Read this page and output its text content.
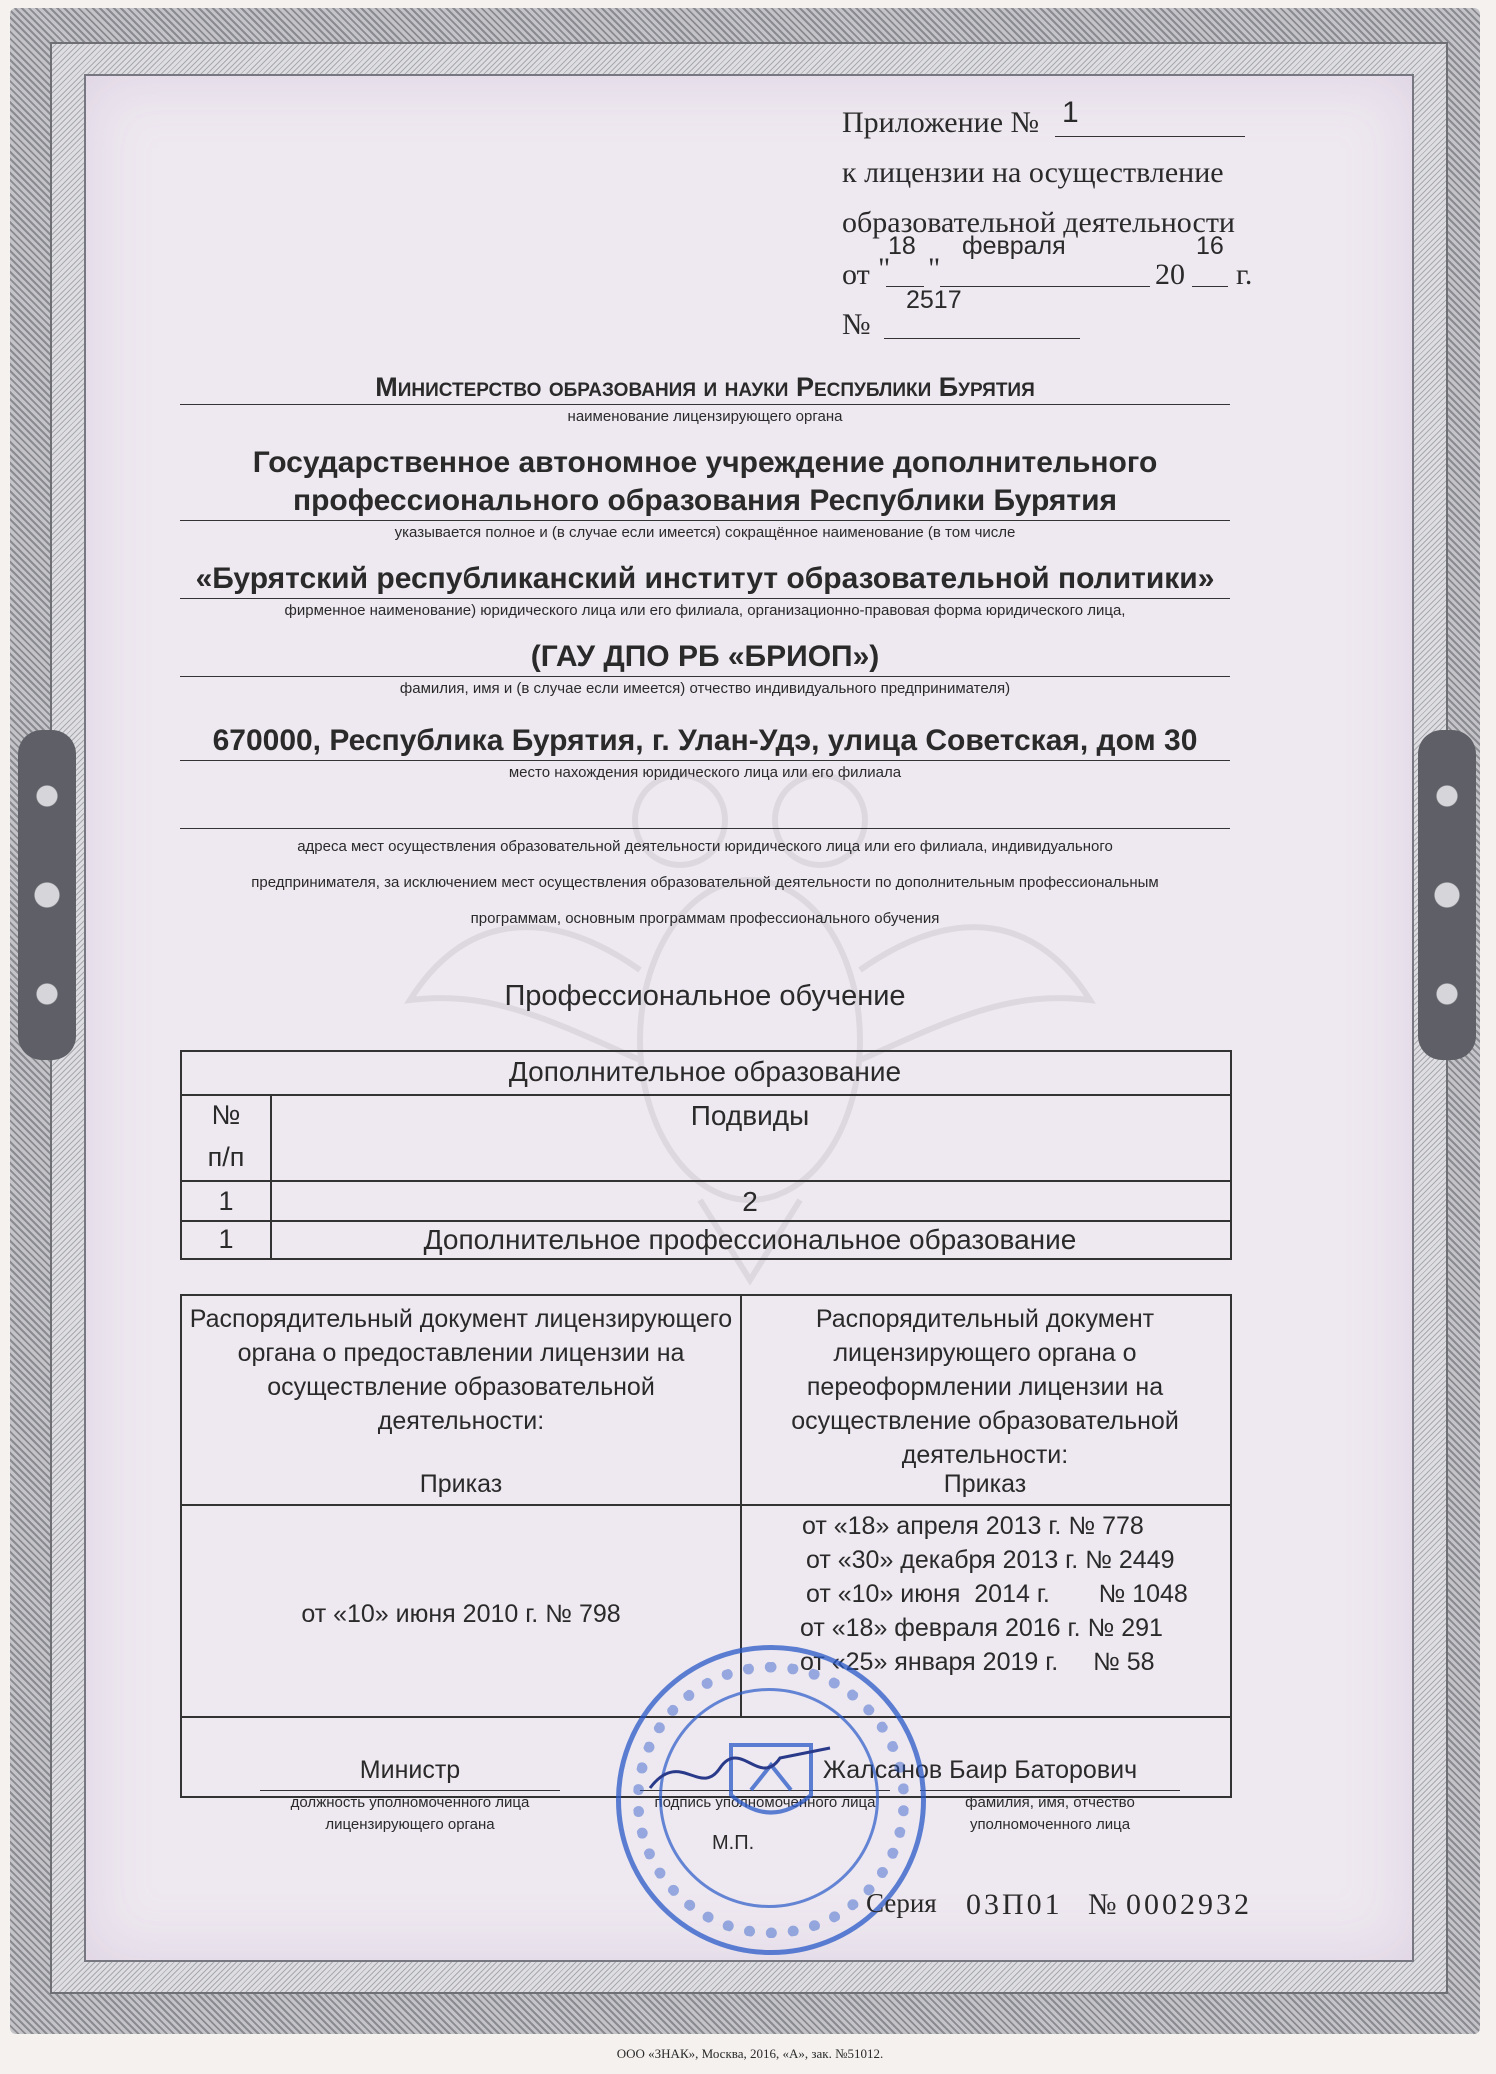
Приложение № 1
к лицензии на осуществление
образовательной деятельности
от "
18
"
февраля
20
16
г.
№
2517
Министерство образования и науки Республики Бурятия
наименование лицензирующего органа
Государственное автономное учреждение дополнительного
профессионального образования Республики Бурятия
указывается полное и (в случае если имеется) сокращённое наименование (в том числе
«Бурятский республиканский институт образовательной политики»
фирменное наименование) юридического лица или его филиала, организационно-правовая форма юридического лица,
(ГАУ ДПО РБ «БРИОП»)
фамилия, имя и (в случае если имеется) отчество индивидуального предпринимателя)
670000, Республика Бурятия, г. Улан-Удэ, улица Советская, дом 30
место нахождения юридического лица или его филиала
адреса мест осуществления образовательной деятельности юридического лица или его филиала, индивидуального
предпринимателя, за исключением мест осуществления образовательной деятельности по дополнительным профессиональным
программам, основным программам профессионального обучения
Профессиональное обучение
Дополнительное образование
№
п/п
Подвиды
1	2
1	Дополнительное профессиональное образование
Распорядительный документ лицензирующего органа о предоставлении лицензии на осуществление образовательной деятельности:
Приказ
Распорядительный документ лицензирующего органа о переоформлении лицензии на осуществление образовательной деятельности:
Приказ
от «10» июня 2010 г. № 798
от «18» апреля 2013 г. № 778
от «30» декабря 2013 г. № 2449
от «10» июня  2014 г.       № 1048
от «18» февраля 2016 г. № 291
от «25» января 2019 г.     № 58
Министр
должность уполномоченного лица
лицензирующего органа
подпись уполномоченного лица
Жалсанов Баир Баторович
фамилия, имя, отчество
уполномоченного лица
М.П.
Серия 03П01 № 0002932
ООО «ЗНАК», Москва, 2016, «А», зак. №51012.
